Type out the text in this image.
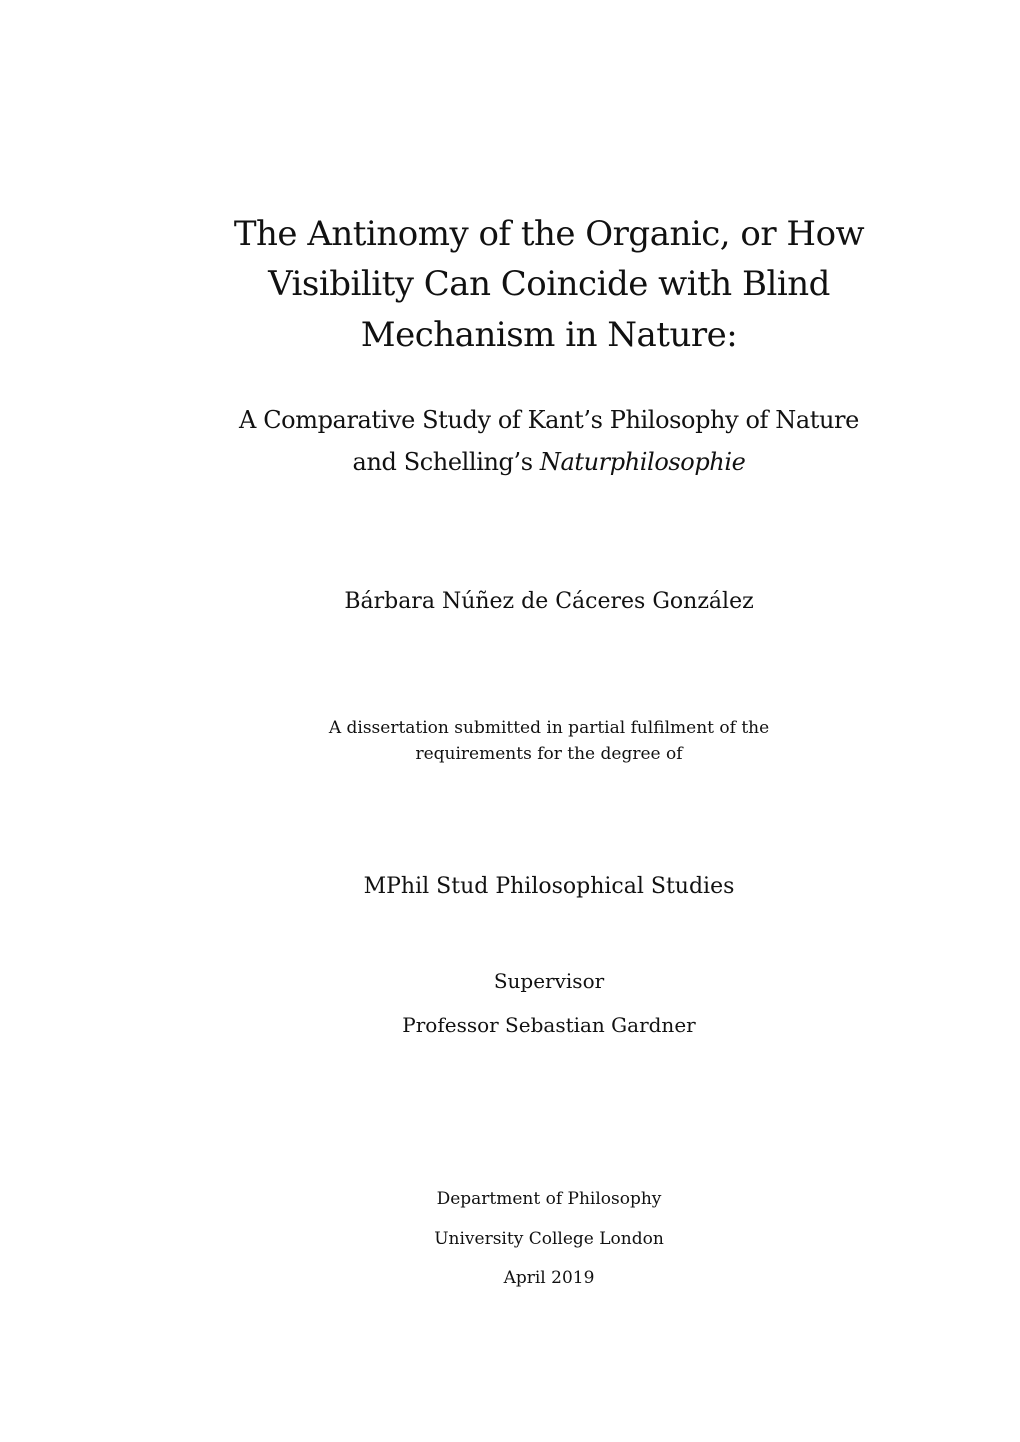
The Antinomy of the Organic, or How
Visibility Can Coincide with Blind
Mechanism in Nature:
A Comparative Study of Kant’s Philosophy of Nature
and Schelling’s Naturphilosophie
Bárbara Núñez de Cáceres González
A dissertation submitted in partial fulfilment of the
requirements for the degree of
MPhil Stud Philosophical Studies
Supervisor
Professor Sebastian Gardner
Department of Philosophy
University College London
April 2019
